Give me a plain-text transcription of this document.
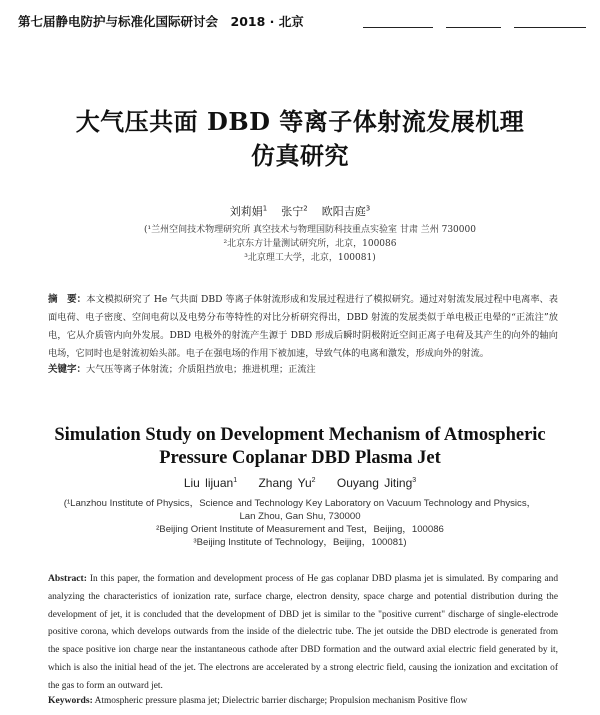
第七届静电防护与标准化国际研讨会　2018 · 北京
大气压共面 DBD 等离子体射流发展机理
仿真研究
刘莉娟$^1$ 张宁$^2$ 欧阳吉庭$^3$
(¹兰州空间技术物理研究所 真空技术与物理国防科技重点实验室 甘肃 兰州 730000
²北京东方计量测试研究所，北京，100086
³北京理工大学，北京，100081)
摘　要：本文模拟研究了 He 气共面 DBD 等离子体射流形成和发展过程进行了模拟研究。通过对射流发展过程中电离率、表面电荷、电子密度、空间电荷以及电势分布等特性的对比分析研究得出，DBD 射流的发展类似于单电极正电晕的“正流注”放电，它从介质管内向外发展。DBD 电极外的射流产生源于 DBD 形成后瞬时阴极附近空间正离子电荷及其产生的向外的轴向电场，它同时也是射流初始头部。电子在强电场的作用下被加速，导致气体的电离和激发，形成向外的射流。
关键字：大气压等离子体射流；介质阻挡放电；推进机理；正流注
Simulation Study on Development Mechanism of Atmospheric
Pressure Coplanar DBD Plasma Jet
Liu lijuan$^1$ Zhang Yu$^2$ Ouyang Jiting$^3$
(¹Lanzhou Institute of Physics，Science and Technology Key Laboratory on Vacuum Technology and Physics，
Lan Zhou, Gan Shu, 730000
²Beijing Orient Institute of Measurement and Test，Beijing，100086
³Beijing Institute of Technology，Beijing，100081)
Abstract: In this paper, the formation and development process of He gas coplanar DBD plasma jet is simulated. By comparing and analyzing the characteristics of ionization rate, surface charge, electron density, space charge and potential distribution during the development of jet, it is concluded that the development of DBD jet is similar to the "positive current" discharge of single-electrode positive corona, which develops outwards from the inside of the dielectric tube. The jet outside the DBD electrode is generated from the space positive ion charge near the instantaneous cathode after DBD formation and the outward axial electric field generated by it, which is also the initial head of the jet. The electrons are accelerated by a strong electric field, causing the ionization and excitation of the gas to form an outward jet.
Keywords: Atmospheric pressure plasma jet; Dielectric barrier discharge; Propulsion mechanism Positive flow
